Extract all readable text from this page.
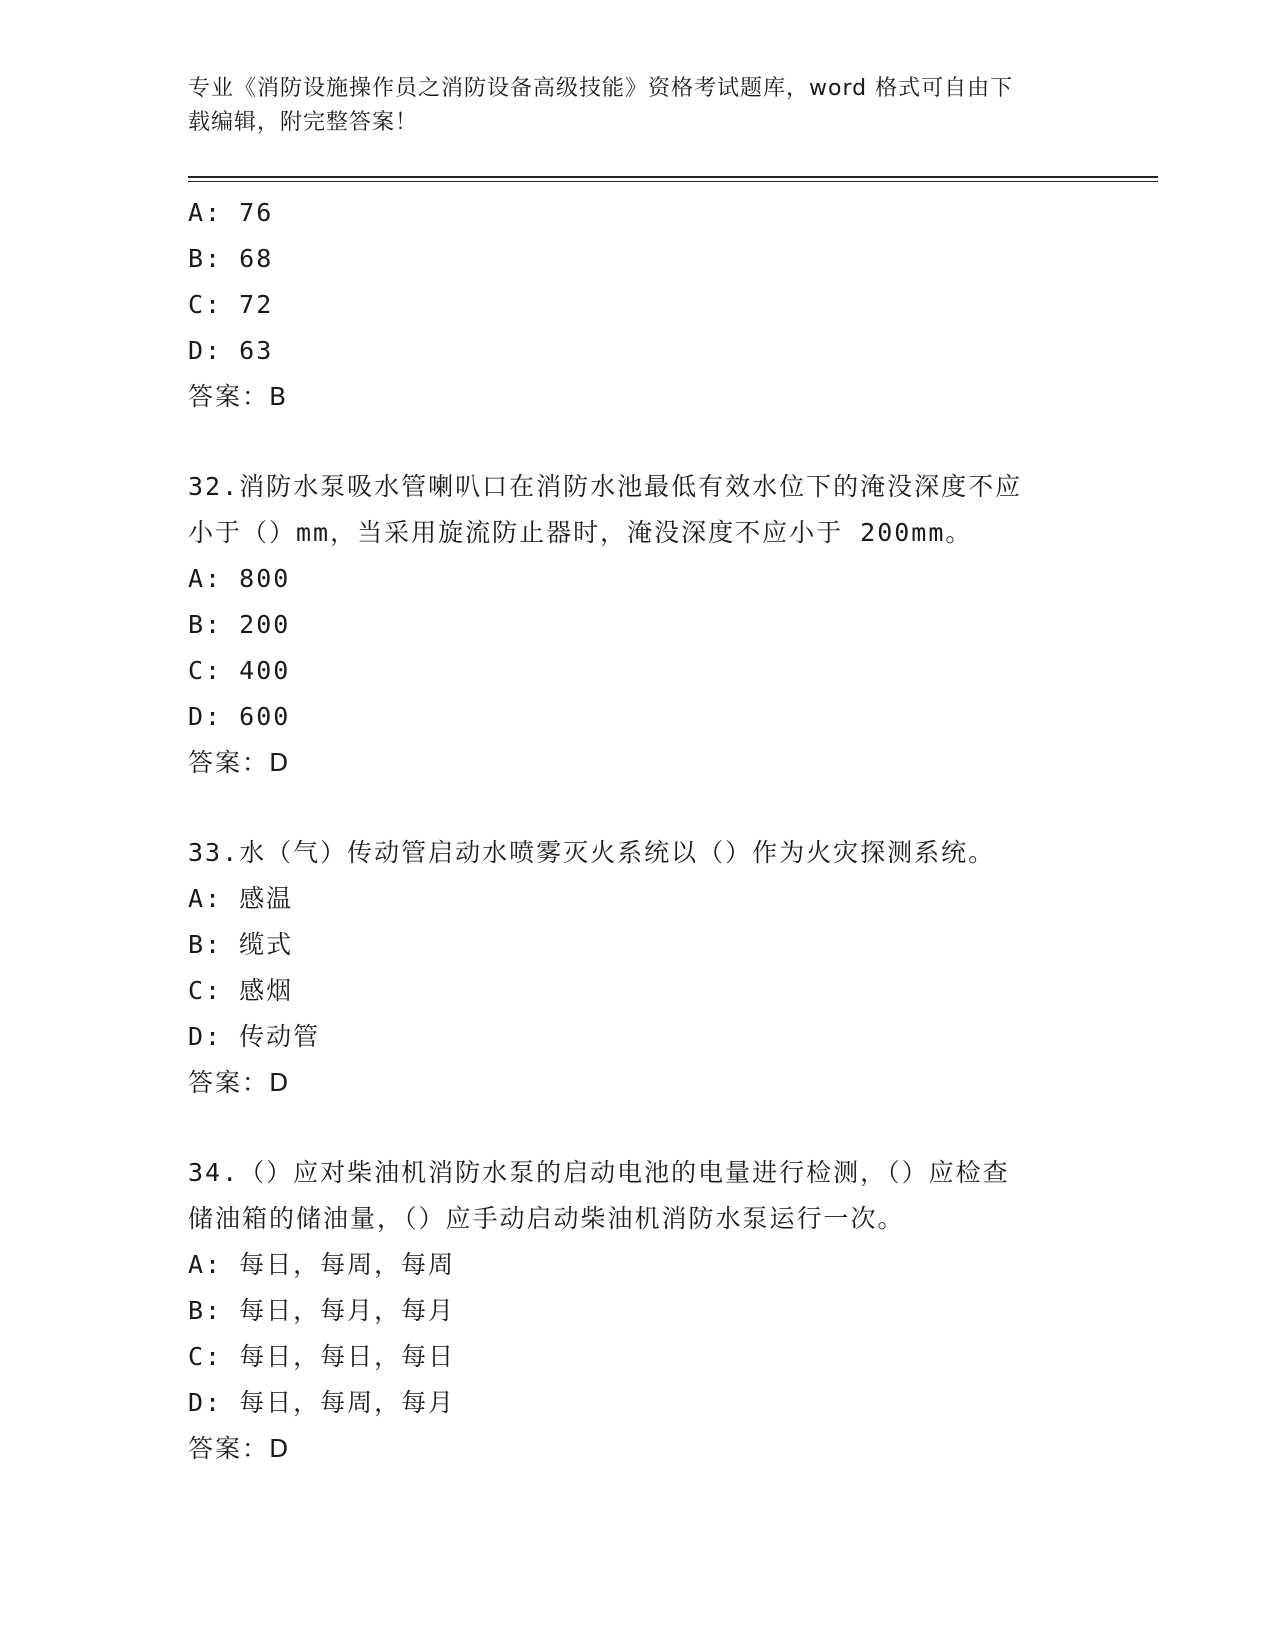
专业《消防设施操作员之消防设备高级技能》资格考试题库，word 格式可自由下
载编辑，附完整答案！
A: 76
B: 68
C: 72
D: 63
答案：B
32.消防水泵吸水管喇叭口在消防水池最低有效水位下的淹没深度不应
小于（）mm，当采用旋流防止器时，淹没深度不应小于 200mm。
A: 800
B: 200
C: 400
D: 600
答案：D
33.水（气）传动管启动水喷雾灭火系统以（）作为火灾探测系统。
A: 感温
B: 缆式
C: 感烟
D: 传动管
答案：D
34.（）应对柴油机消防水泵的启动电池的电量进行检测，（）应检查
储油箱的储油量，（）应手动启动柴油机消防水泵运行一次。
A: 每日，每周，每周
B: 每日，每月，每月
C: 每日，每日，每日
D: 每日，每周，每月
答案：D
